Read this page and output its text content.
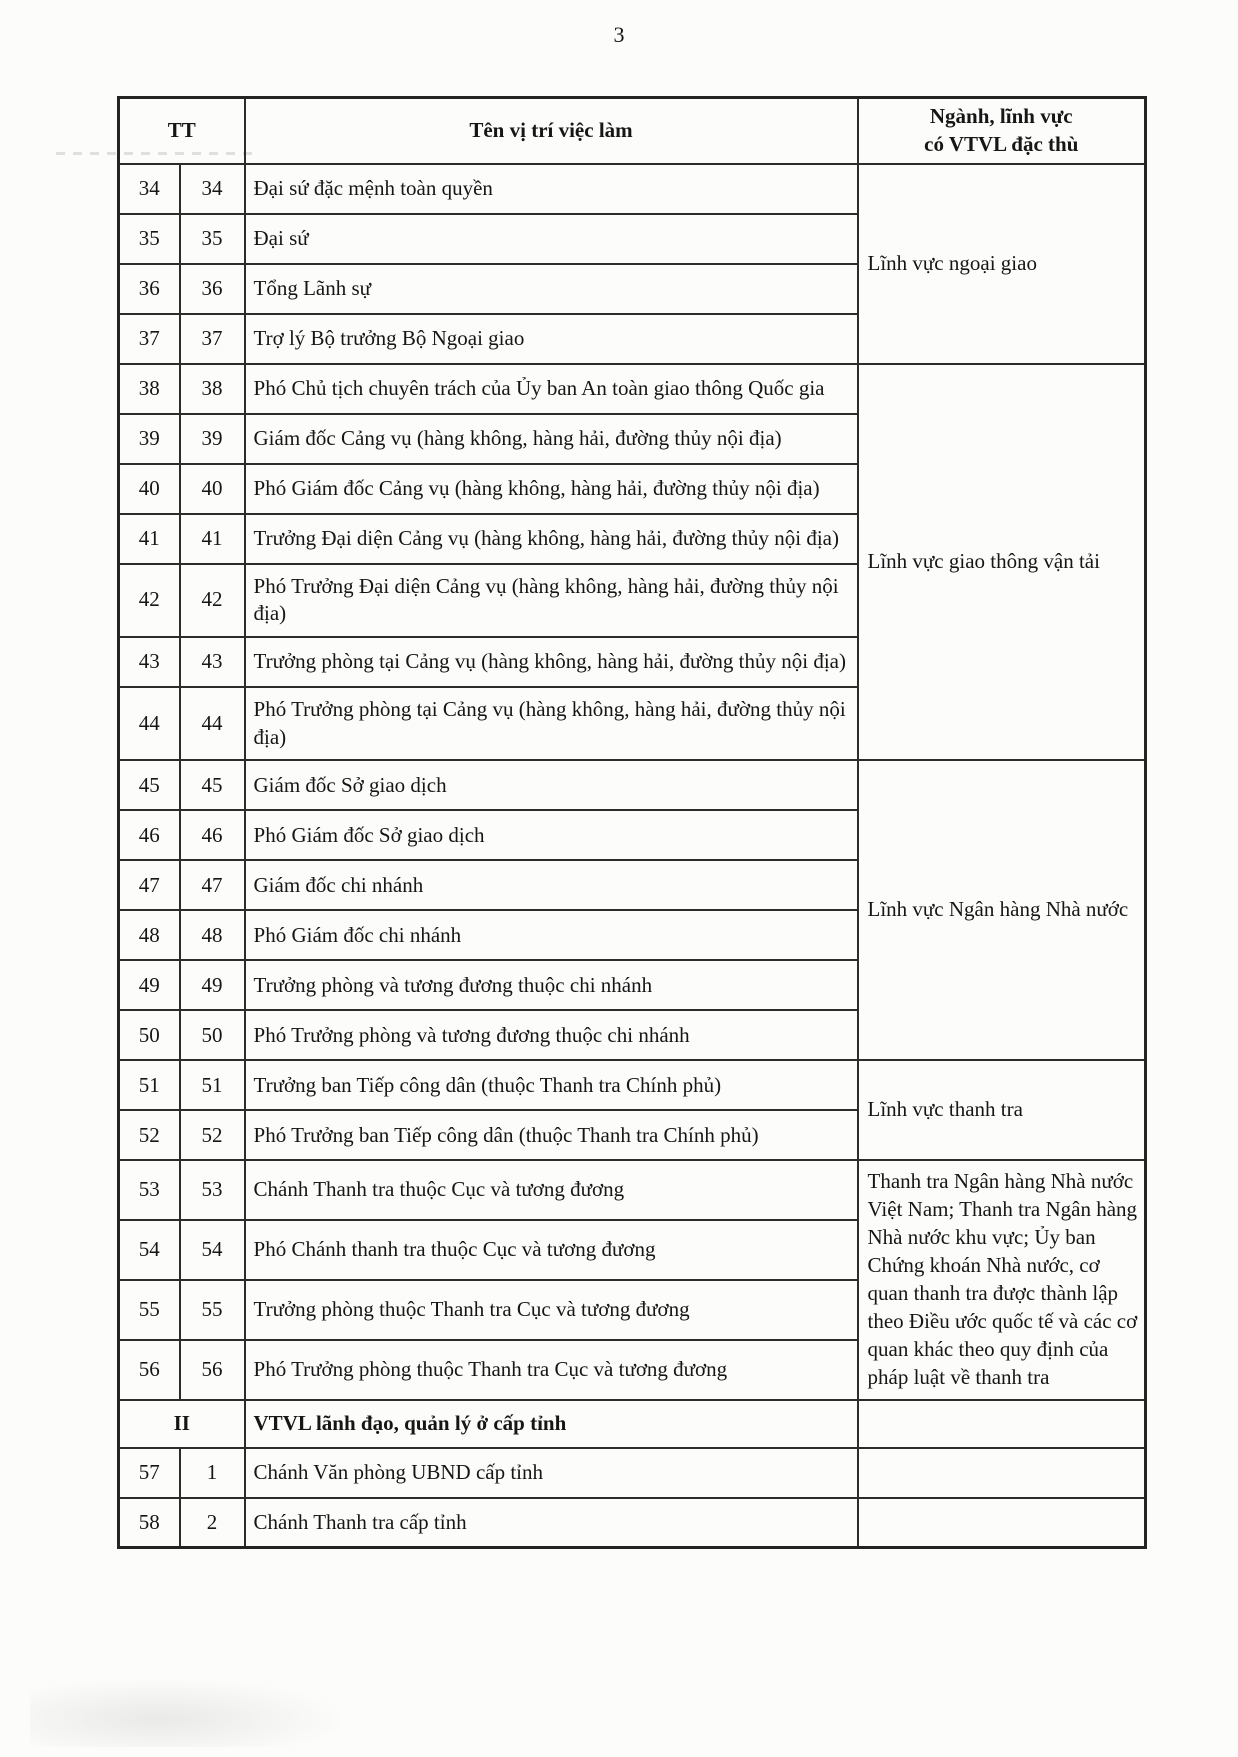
3
TT		Tên vị trí việc làm	Ngành, lĩnh vực
có VTVL đặc thù

34	34	Đại sứ đặc mệnh toàn quyền	Lĩnh vực ngoại giao
35	35	Đại sứ	
36	36	Tổng Lãnh sự	
37	37	Trợ lý Bộ trưởng Bộ Ngoại giao	
38	38	Phó Chủ tịch chuyên trách của Ủy ban An toàn giao thông Quốc gia	Lĩnh vực giao thông vận tải
39	39	Giám đốc Cảng vụ (hàng không, hàng hải, đường thủy nội địa)	
40	40	Phó Giám đốc Cảng vụ (hàng không, hàng hải, đường thủy nội địa)	
41	41	Trưởng Đại diện Cảng vụ (hàng không, hàng hải, đường thủy nội địa)	
42	42	Phó Trưởng Đại diện Cảng vụ (hàng không, hàng hải, đường thủy nội địa)	
43	43	Trưởng phòng tại Cảng vụ (hàng không, hàng hải, đường thủy nội địa)	
44	44	Phó Trưởng phòng tại Cảng vụ (hàng không, hàng hải, đường thủy nội địa)	
45	45	Giám đốc Sở giao dịch	Lĩnh vực Ngân hàng Nhà nước
46	46	Phó Giám đốc Sở giao dịch	
47	47	Giám đốc chi nhánh	
48	48	Phó Giám đốc chi nhánh	
49	49	Trưởng phòng và tương đương thuộc chi nhánh	
50	50	Phó Trưởng phòng và tương đương thuộc chi nhánh	
51	51	Trưởng ban Tiếp công dân (thuộc Thanh tra Chính phủ)	Lĩnh vực thanh tra
52	52	Phó Trưởng ban Tiếp công dân (thuộc Thanh tra Chính phủ)	
53	53	Chánh Thanh tra thuộc Cục và tương đương	Thanh tra Ngân hàng Nhà nước Việt Nam; Thanh tra Ngân hàng Nhà nước khu vực; Ủy ban Chứng khoán Nhà nước, cơ quan thanh tra được thành lập theo Điều ước quốc tế và các cơ quan khác theo quy định của pháp luật về thanh tra
54	54	Phó Chánh thanh tra thuộc Cục và tương đương	
55	55	Trưởng phòng thuộc Thanh tra Cục và tương đương	
56	56	Phó Trưởng phòng thuộc Thanh tra Cục và tương đương	
II		VTVL lãnh đạo, quản lý ở cấp tỉnh	
57	1	Chánh Văn phòng UBND cấp tỉnh	
58	2	Chánh Thanh tra cấp tỉnh	
